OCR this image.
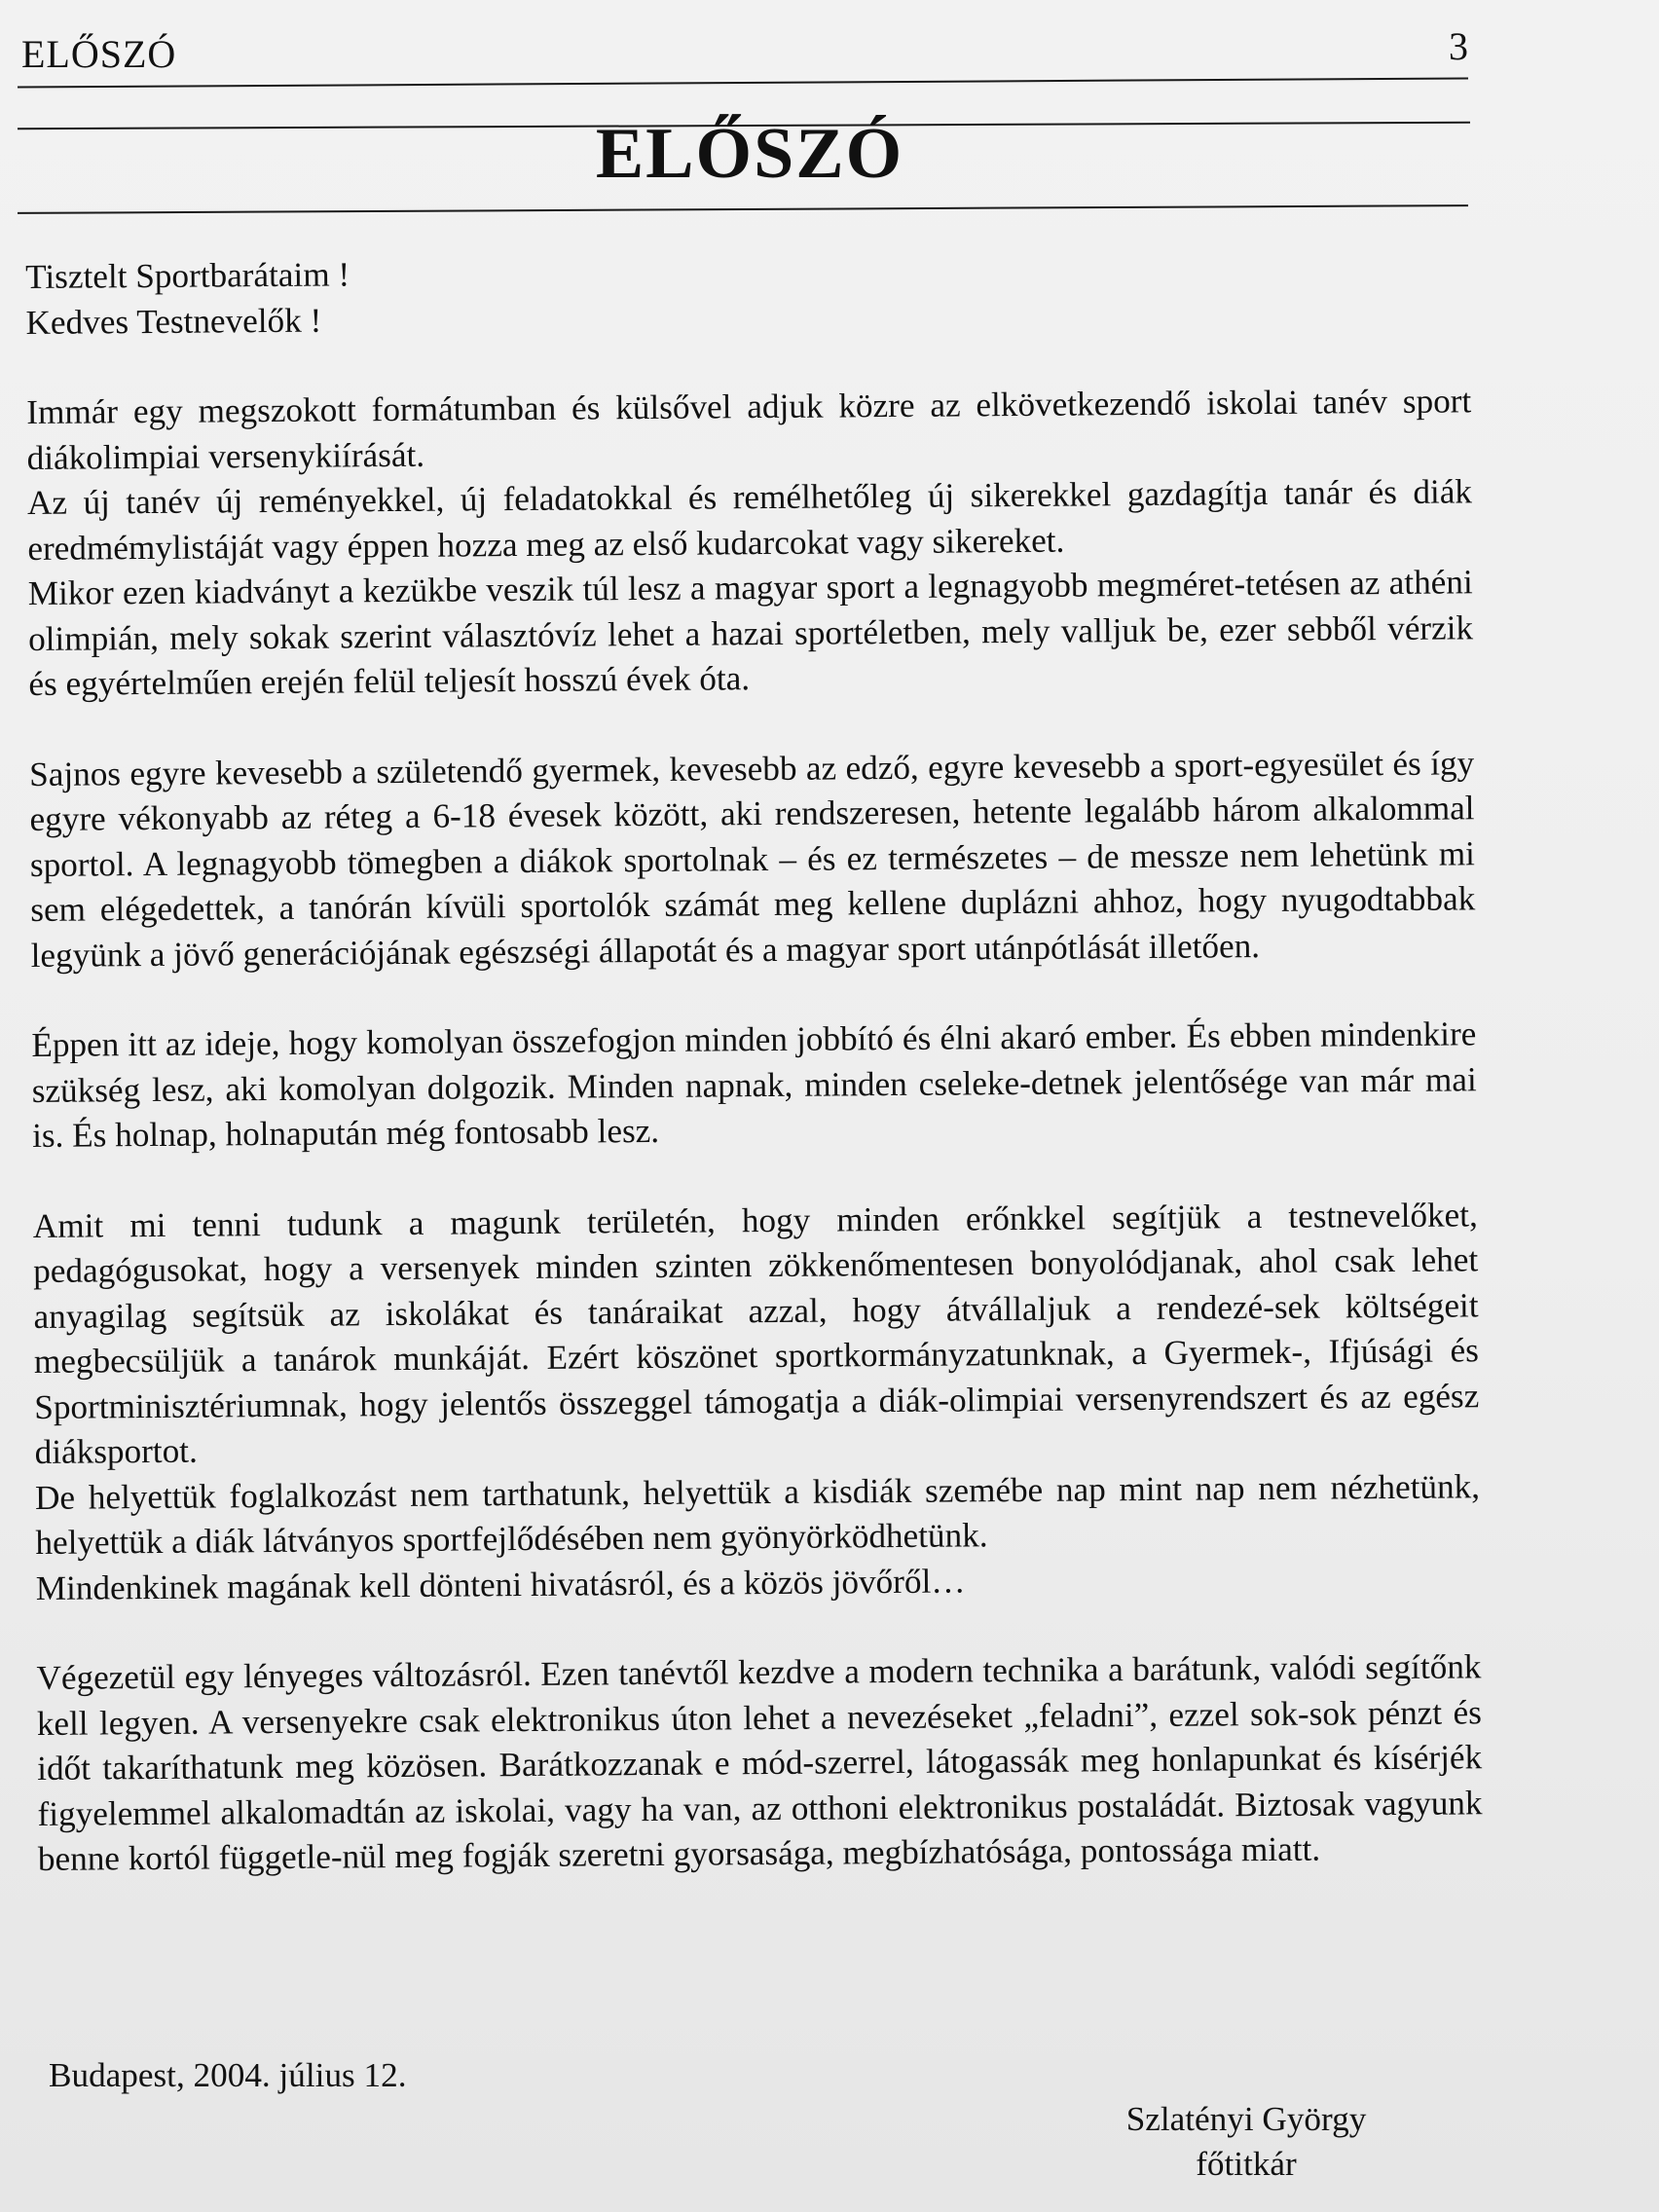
ELŐSZÓ	3
ELŐSZÓ

Tisztelt Sportbarátaim !

Kedves Testnevelők !

Immár egy megszokott formátumban és külsővel adjuk közre az elkövetkezendő iskolai tanév sport diákolimpiai versenykiírását.

Az új tanév új reményekkel, új feladatokkal és remélhetőleg új sikerekkel gazdagítja tanár és diák eredmémylistáját vagy éppen hozza meg az első kudarcokat vagy sikereket.

Mikor ezen kiadványt a kezükbe veszik túl lesz a magyar sport a legnagyobb megméret-tetésen az athéni olimpián, mely sokak szerint választóvíz lehet a hazai sportéletben, mely valljuk be, ezer sebből vérzik és egyértelműen erején felül teljesít hosszú évek óta.

Sajnos egyre kevesebb a születendő gyermek, kevesebb az edző, egyre kevesebb a sport-egyesület és így egyre vékonyabb az réteg a 6-18 évesek között, aki rendszeresen, hetente legalább három alkalommal sportol. A legnagyobb tömegben a diákok sportolnak – és ez természetes – de messze nem lehetünk mi sem elégedettek, a tanórán kívüli sportolók számát meg kellene duplázni ahhoz, hogy nyugodtabbak legyünk a jövő generációjának egészségi állapotát és a magyar sport utánpótlását illetően.

Éppen itt az ideje, hogy komolyan összefogjon minden jobbító és élni akaró ember. És ebben mindenkire szükség lesz, aki komolyan dolgozik. Minden napnak, minden cseleke-detnek jelentősége van már mai is. És holnap, holnapután még fontosabb lesz.

Amit mi tenni tudunk a magunk területén, hogy minden erőnkkel segítjük a testnevelőket, pedagógusokat, hogy a versenyek minden szinten zökkenőmentesen bonyolódjanak, ahol csak lehet anyagilag segítsük az iskolákat és tanáraikat azzal, hogy átvállaljuk a rendezé-sek költségeit megbecsüljük a tanárok munkáját. Ezért köszönet sportkormányzatunknak, a Gyermek-, Ifjúsági és Sportminisztériumnak, hogy jelentős összeggel támogatja a diák-olimpiai versenyrendszert és az egész diáksportot.

De helyettük foglalkozást nem tarthatunk, helyettük a kisdiák szemébe nap mint nap nem nézhetünk, helyettük a diák látványos sportfejlődésében nem gyönyörködhetünk.

Mindenkinek magának kell dönteni hivatásról, és a közös jövőről…

Végezetül egy lényeges változásról. Ezen tanévtől kezdve a modern technika a barátunk, valódi segítőnk kell legyen. A versenyekre csak elektronikus úton lehet a nevezéseket „feladni”, ezzel sok-sok pénzt és időt takaríthatunk meg közösen. Barátkozzanak e mód-szerrel, látogassák meg honlapunkat és kísérjék figyelemmel alkalomadtán az iskolai, vagy ha van, az otthoni elektronikus postaládát. Biztosak vagyunk benne kortól függetle-nül meg fogják szeretni gyorsasága, megbízhatósága, pontossága miatt.

Budapest, 2004. július 12.
Szlatényi György
főtitkár
